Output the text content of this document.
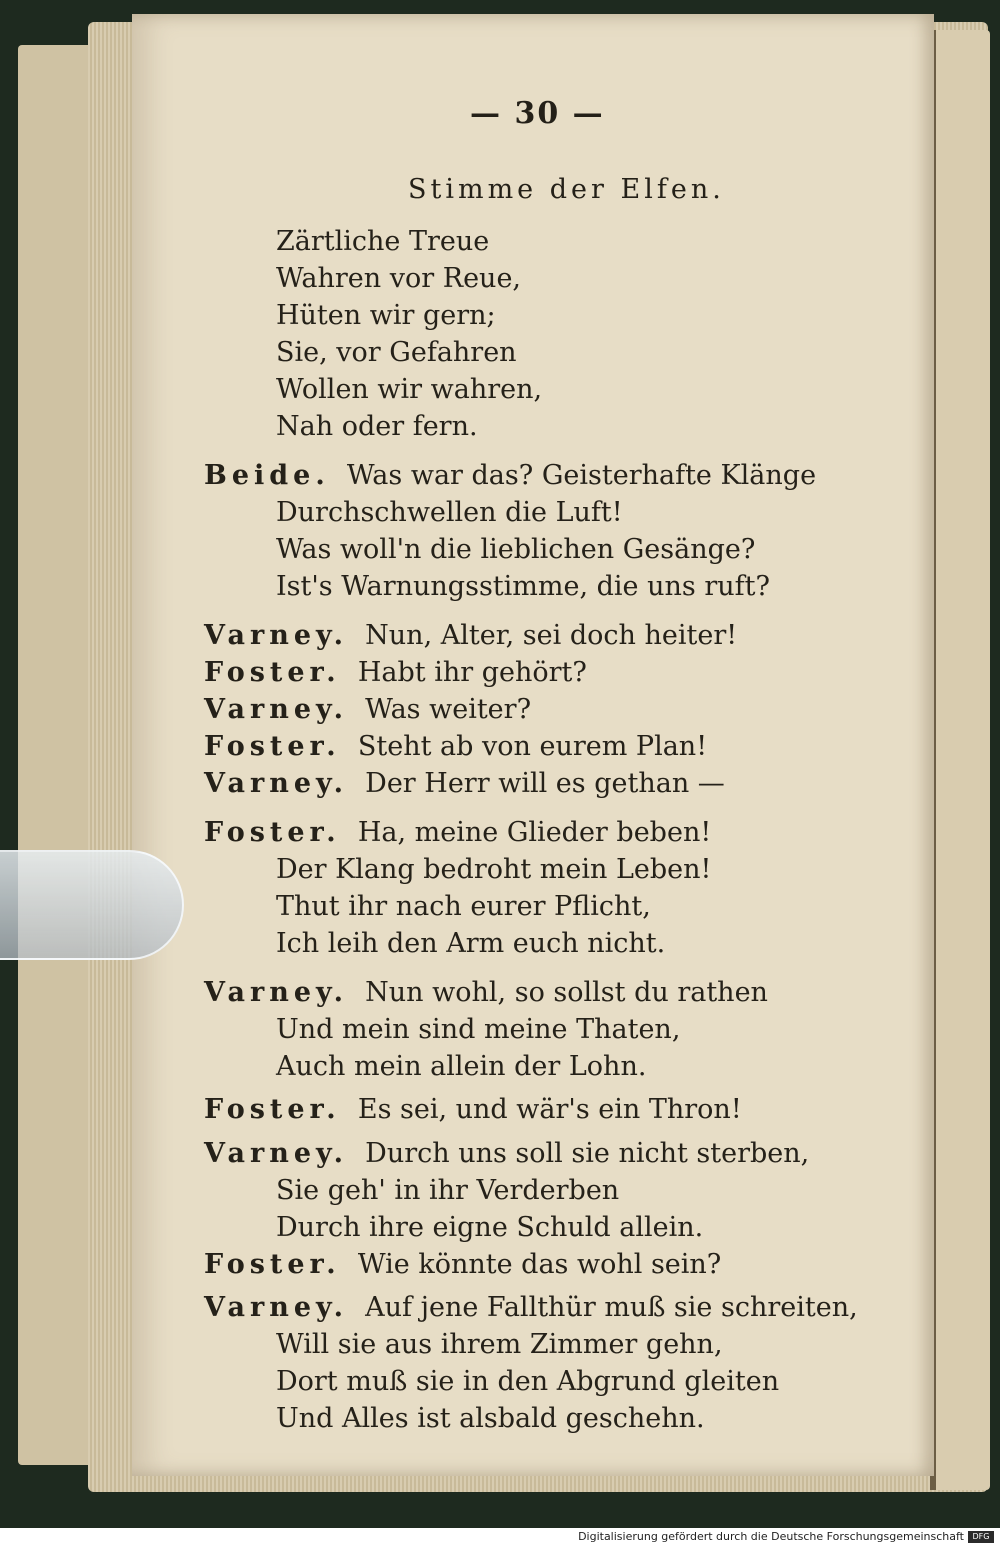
— 30 —
Stimme der Elfen.
Zärtliche Treue
Wahren vor Reue,
Hüten wir gern;
Sie, vor Gefahren
Wollen wir wahren,
Nah oder fern.
Beide. Was war das? Geisterhafte Klänge
Durchschwellen die Luft!
Was woll'n die lieblichen Gesänge?
Ist's Warnungsstimme, die uns ruft?
Varney. Nun, Alter, sei doch heiter!
Foster. Habt ihr gehört?
Varney. Was weiter?
Foster. Steht ab von eurem Plan!
Varney. Der Herr will es gethan —
Foster. Ha, meine Glieder beben!
Der Klang bedroht mein Leben!
Thut ihr nach eurer Pflicht,
Ich leih den Arm euch nicht.
Varney. Nun wohl, so sollst du rathen
Und mein sind meine Thaten,
Auch mein allein der Lohn.
Foster. Es sei, und wär's ein Thron!
Varney. Durch uns soll sie nicht sterben,
Sie geh' in ihr Verderben
Durch ihre eigne Schuld allein.
Foster. Wie könnte das wohl sein?
Varney. Auf jene Fallthür muß sie schreiten,
Will sie aus ihrem Zimmer gehn,
Dort muß sie in den Abgrund gleiten
Und Alles ist alsbald geschehn.
Digitalisierung gefördert durch die Deutsche Forschungsgemeinschaft	DFG
